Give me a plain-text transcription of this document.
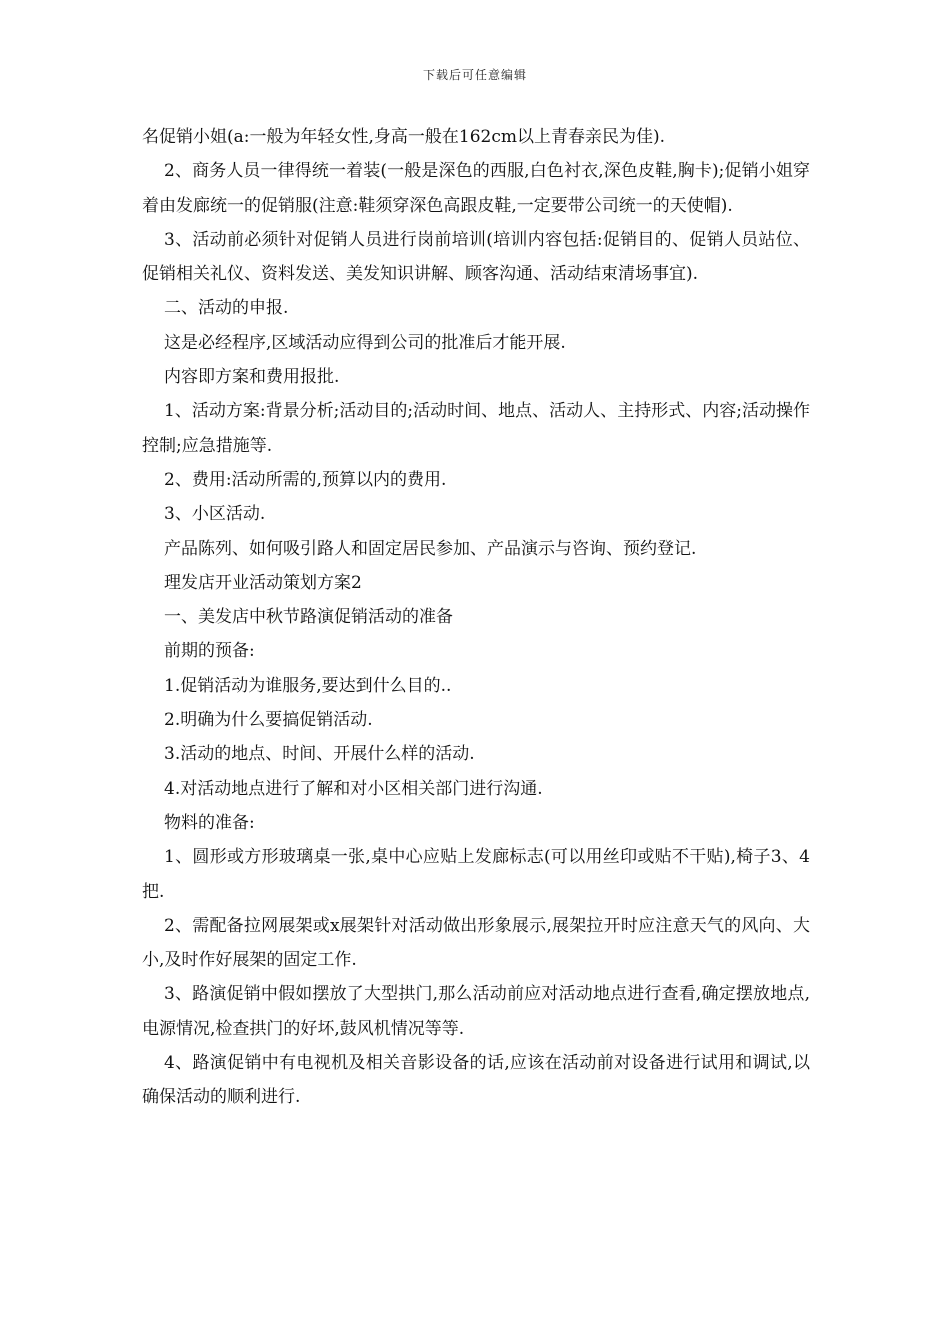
下载后可任意编辑

名促销小姐(a:一般为年轻女性,身高一般在162cm以上青春亲民为佳).

2、商务人员一律得统一着装(一般是深色的西服,白色衬衣,深色皮鞋,胸卡);促销小姐穿着由发廊统一的促销服(注意:鞋须穿深色高跟皮鞋,一定要带公司统一的天使帽).

3、活动前必须针对促销人员进行岗前培训(培训内容包括:促销目的、促销人员站位、促销相关礼仪、资料发送、美发知识讲解、顾客沟通、活动结束清场事宜).

二、活动的申报.

这是必经程序,区域活动应得到公司的批准后才能开展.

内容即方案和费用报批.

1、活动方案:背景分析;活动目的;活动时间、地点、活动人、主持形式、内容;活动操作控制;应急措施等.

2、费用:活动所需的,预算以内的费用.

3、小区活动.

产品陈列、如何吸引路人和固定居民参加、产品演示与咨询、预约登记.

理发店开业活动策划方案2

一、美发店中秋节路演促销活动的准备

前期的预备:

1.促销活动为谁服务,要达到什么目的..

2.明确为什么要搞促销活动.

3.活动的地点、时间、开展什么样的活动.

4.对活动地点进行了解和对小区相关部门进行沟通.

物料的准备:

1、圆形或方形玻璃桌一张,桌中心应贴上发廊标志(可以用丝印或贴不干贴),椅子3、4把.

2、需配备拉网展架或x展架针对活动做出形象展示,展架拉开时应注意天气的风向、大小,及时作好展架的固定工作.

3、路演促销中假如摆放了大型拱门,那么活动前应对活动地点进行查看,确定摆放地点,电源情况,检查拱门的好坏,鼓风机情况等等.

4、路演促销中有电视机及相关音影设备的话,应该在活动前对设备进行试用和调试,以确保活动的顺利进行.
